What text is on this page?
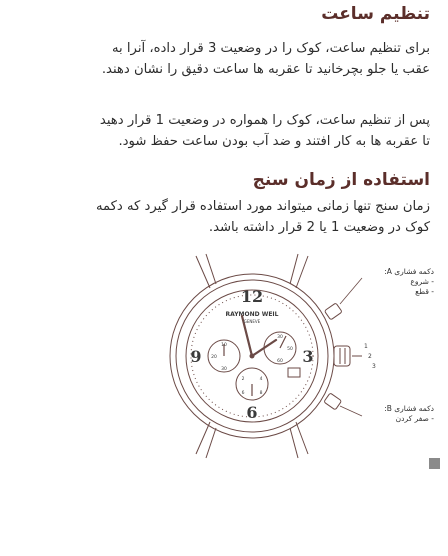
تنظیم ساعت
برای تنظیم ساعت، کوک را در وضعیت 3 قرار داده، آنرا به
عقب یا جلو بچرخانید تا عقربه ها ساعت دقیق را نشان دهند.
پس از تنظیم ساعت، کوک را همواره در وضعیت 1 قرار دهید
تا عقربه ها به کار افتند و ضد آب بودن ساعت حفظ شود.
استفاده از زمان سنج
زمان سنج تنها زمانی میتواند مورد استفاده قرار گیرد که دکمه
کوک در وضعیت 1 یا 2 قرار داشته باشد.
12
3
6
9
RAYMOND WEIL
GENEVE
10
20
30
30
50
60
2	4
6	8
1
2
3
دکمه فشاری A:
- شروع
- قطع
دکمه فشاری B:
- صفر کردن
